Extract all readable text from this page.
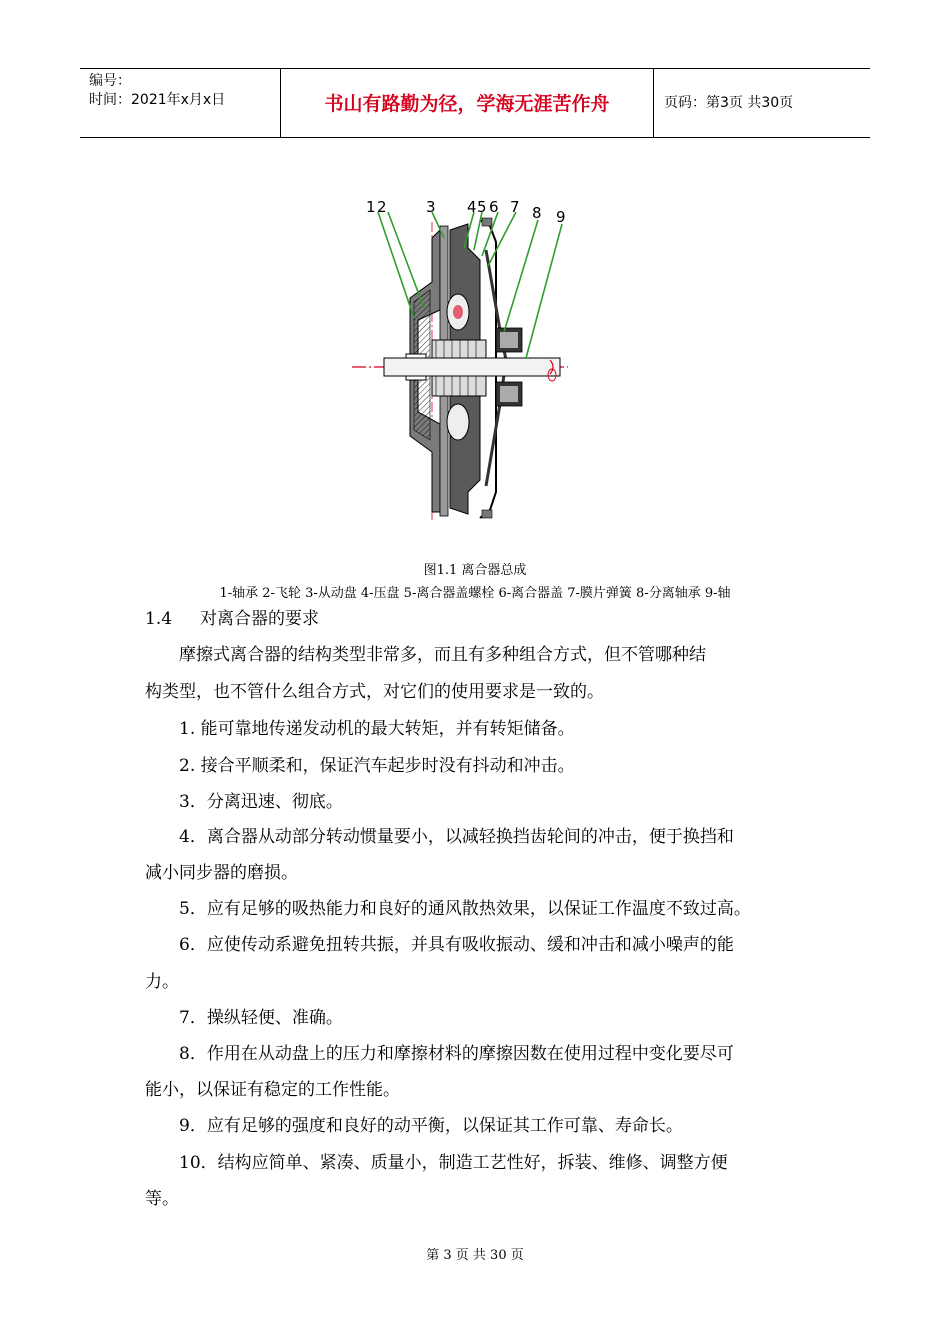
编号：
时间：2021年x月x日	书山有路勤为径，学海无涯苦作舟	页码：第3页 共30页
1 2	3 4 5 6 7 8 9
图1.1 离合器总成
1-轴承 2-飞轮 3-从动盘 4-压盘 5-离合器盖螺栓 6-离合器盖 7-膜片弹簧 8-分离轴承 9-轴
1.4 对离合器的要求
　　摩擦式离合器的结构类型非常多，而且有多种组合方式，但不管哪种结
构类型，也不管什么组合方式，对它们的使用要求是一致的。
　　1. 能可靠地传递发动机的最大转矩，并有转矩储备。
　　2. 接合平顺柔和，保证汽车起步时没有抖动和冲击。
　　3．分离迅速、彻底。
　　4．离合器从动部分转动惯量要小，以减轻换挡齿轮间的冲击，便于换挡和
减小同步器的磨损。
　　5．应有足够的吸热能力和良好的通风散热效果，以保证工作温度不致过高。
　　6．应使传动系避免扭转共振，并具有吸收振动、缓和冲击和减小噪声的能
力。
　　7．操纵轻便、准确。
　　8．作用在从动盘上的压力和摩擦材料的摩擦因数在使用过程中变化要尽可
能小，以保证有稳定的工作性能。
　　9．应有足够的强度和良好的动平衡，以保证其工作可靠、寿命长。
　　10．结构应简单、紧凑、质量小，制造工艺性好，拆装、维修、调整方便
等。
第 3 页 共 30 页
